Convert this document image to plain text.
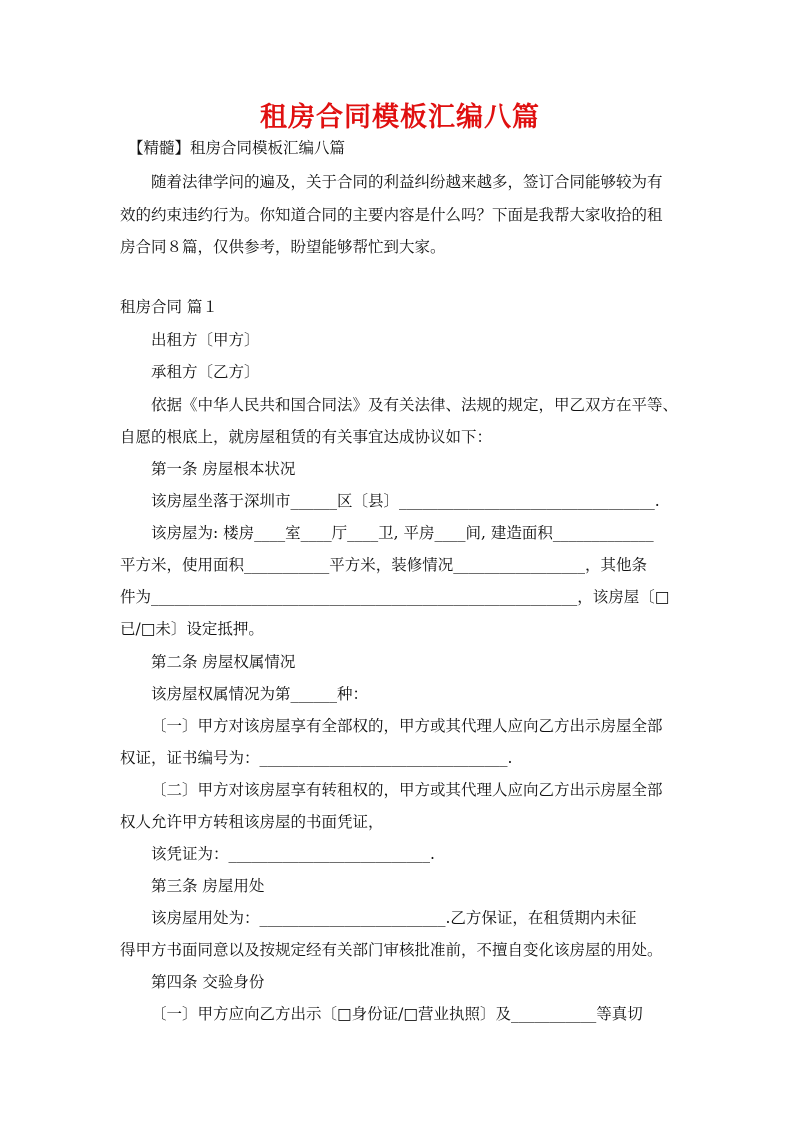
租房合同模板汇编八篇
【精髓】租房合同模板汇编八篇
随着法律学问的遍及，关于合同的利益纠纷越来越多，签订合同能够较为有
效的约束违约行为。你知道合同的主要内容是什么吗？下面是我帮大家收拾的租
房合同８篇，仅供参考，盼望能够帮忙到大家。
租房合同 篇１
出租方〔甲方〕
承租方〔乙方〕
依据《中华人民共和国合同法》及有关法律、法规的规定，甲乙双方在平等、
自愿的根底上，就房屋租赁的有关事宜达成协议如下：
第一条 房屋根本状况
该房屋坐落于深圳市______区〔县〕_________________________________.
该房屋为: 楼房____室____厅____卫, 平房____间, 建造面积_____________
平方米，使用面积___________平方米，装修情况_________________，其他条
件为_______________________________________________________，该房屋〔□
已/□未〕设定抵押。
第二条 房屋权属情况
该房屋权属情况为第______种：
〔一〕甲方对该房屋享有全部权的，甲方或其代理人应向乙方出示房屋全部
权证，证书编号为：________________________________.
〔二〕甲方对该房屋享有转租权的，甲方或其代理人应向乙方出示房屋全部
权人允许甲方转租该房屋的书面凭证，
该凭证为：__________________________.
第三条 房屋用处
该房屋用处为：________________________.乙方保证，在租赁期内未征
得甲方书面同意以及按规定经有关部门审核批准前，不擅自变化该房屋的用处。
第四条 交验身份
〔一〕甲方应向乙方出示〔□身份证/□营业执照〕及___________等真切
